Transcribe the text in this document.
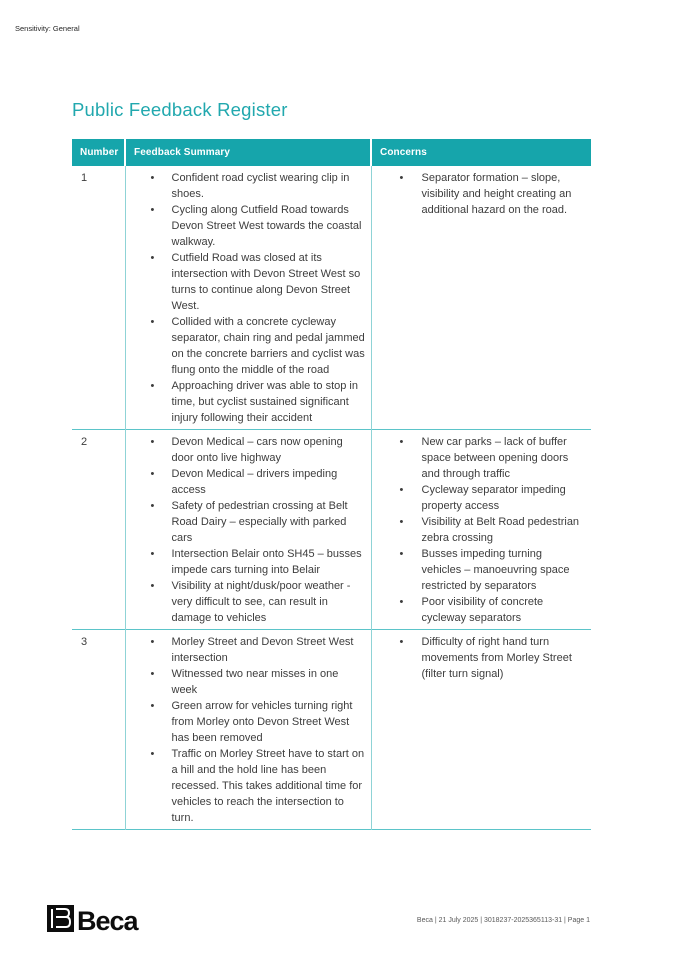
Sensitivity: General
Public Feedback Register
Number	Feedback Summary	Concerns
1	
•Confident road cyclist wearing clip in shoes.
• Cycling along Cutfield Road towards Devon Street West towards the coastal walkway.
• Cutfield Road was closed at its intersection with Devon Street West so turns to continue along Devon Street West.
• Collided with a concrete cycleway separator, chain ring and pedal jammed on the concrete barriers and cyclist was flung onto the middle of the road
• Approaching driver was able to stop in time, but cyclist sustained significant injury following their accident

• Separator formation – slope, visibility and height creating an additional hazard on the road.

2	
•Devon Medical – cars now opening door onto live highway
• Devon Medical – drivers impeding access
• Safety of pedestrian crossing at Belt Road Dairy – especially with parked cars
• Intersection Belair onto SH45 – busses impede cars turning into Belair
• Visibility at night/dusk/poor weather - very difficult to see, can result in damage to vehicles

• New car parks – lack of buffer space between opening doors and through traffic
• Cycleway separator impeding property access
• Visibility at Belt Road pedestrian zebra crossing
• Busses impeding turning vehicles – manoeuvring space restricted by separators
• Poor visibility of concrete cycleway separators

3	
•Morley Street and Devon Street West intersection
• Witnessed two near misses in one week
• Green arrow for vehicles turning right from Morley onto Devon Street West has been removed
• Traffic on Morley Street have to start on a hill and the hold line has been recessed. This takes additional time for vehicles to reach the intersection to turn.

• Difficulty of right hand turn movements from Morley Street (filter turn signal)
Beca	Beca | 21 July 2025 | 3018237-2025365113-31 | Page 1
